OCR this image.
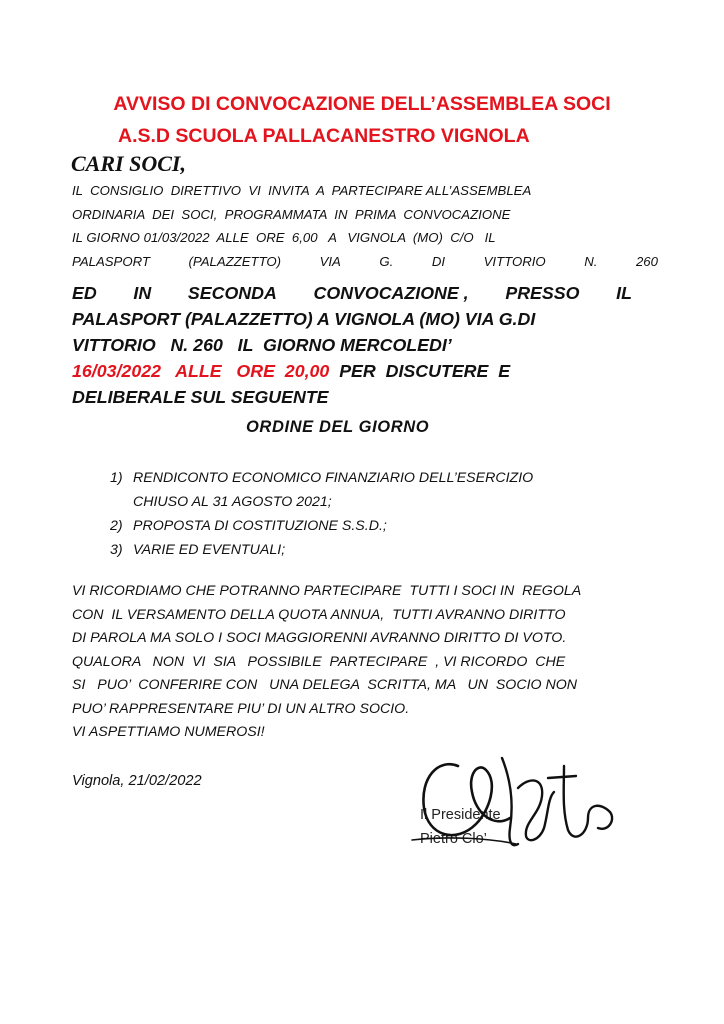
AVVISO DI CONVOCAZIONE DELL’ASSEMBLEA SOCI
A.S.D SCUOLA PALLACANESTRO VIGNOLA
CARI SOCI,
IL  CONSIGLIO  DIRETTIVO  VI  INVITA  A  PARTECIPARE ALL’ASSEMBLEA
ORDINARIA  DEI  SOCI,  PROGRAMMATA  IN  PRIMA  CONVOCAZIONE
IL GIORNO 01/03/2022  ALLE  ORE  6,00   A   VIGNOLA  (MO)  C/O   IL
PALASPORT	(PALAZZETTO)	VIA	G.	DI	VITTORIO	N.	260
ED IN SECONDA CONVOCAZIONE , PRESSO IL
PALASPORT (PALAZZETTO) A VIGNOLA (MO) VIA G.DI
VITTORIO   N. 260   IL  GIORNO MERCOLEDI’
16/03/2022   ALLE   ORE  20,00  PER  DISCUTERE  E
DELIBERALE SUL SEGUENTE
ORDINE DEL GIORNO
1) RENDICONTO ECONOMICO FINANZIARIO DELL’ESERCIZIO
CHIUSO AL 31 AGOSTO 2021;
2) PROPOSTA DI COSTITUZIONE S.S.D.;
3) VARIE ED EVENTUALI;
VI RICORDIAMO CHE POTRANNO PARTECIPARE  TUTTI I SOCI IN  REGOLA
CON  IL VERSAMENTO DELLA QUOTA ANNUA,  TUTTI AVRANNO DIRITTO
DI PAROLA MA SOLO I SOCI MAGGIORENNI AVRANNO DIRITTO DI VOTO.
QUALORA   NON  VI  SIA   POSSIBILE  PARTECIPARE  , VI RICORDO  CHE
SI   PUO’  CONFERIRE CON   UNA DELEGA  SCRITTA, MA   UN  SOCIO NON
PUO’ RAPPRESENTARE PIU’ DI UN ALTRO SOCIO.
VI ASPETTIAMO NUMEROSI!
Vignola, 21/02/2022
Il Presidente
Pietro Clo’
